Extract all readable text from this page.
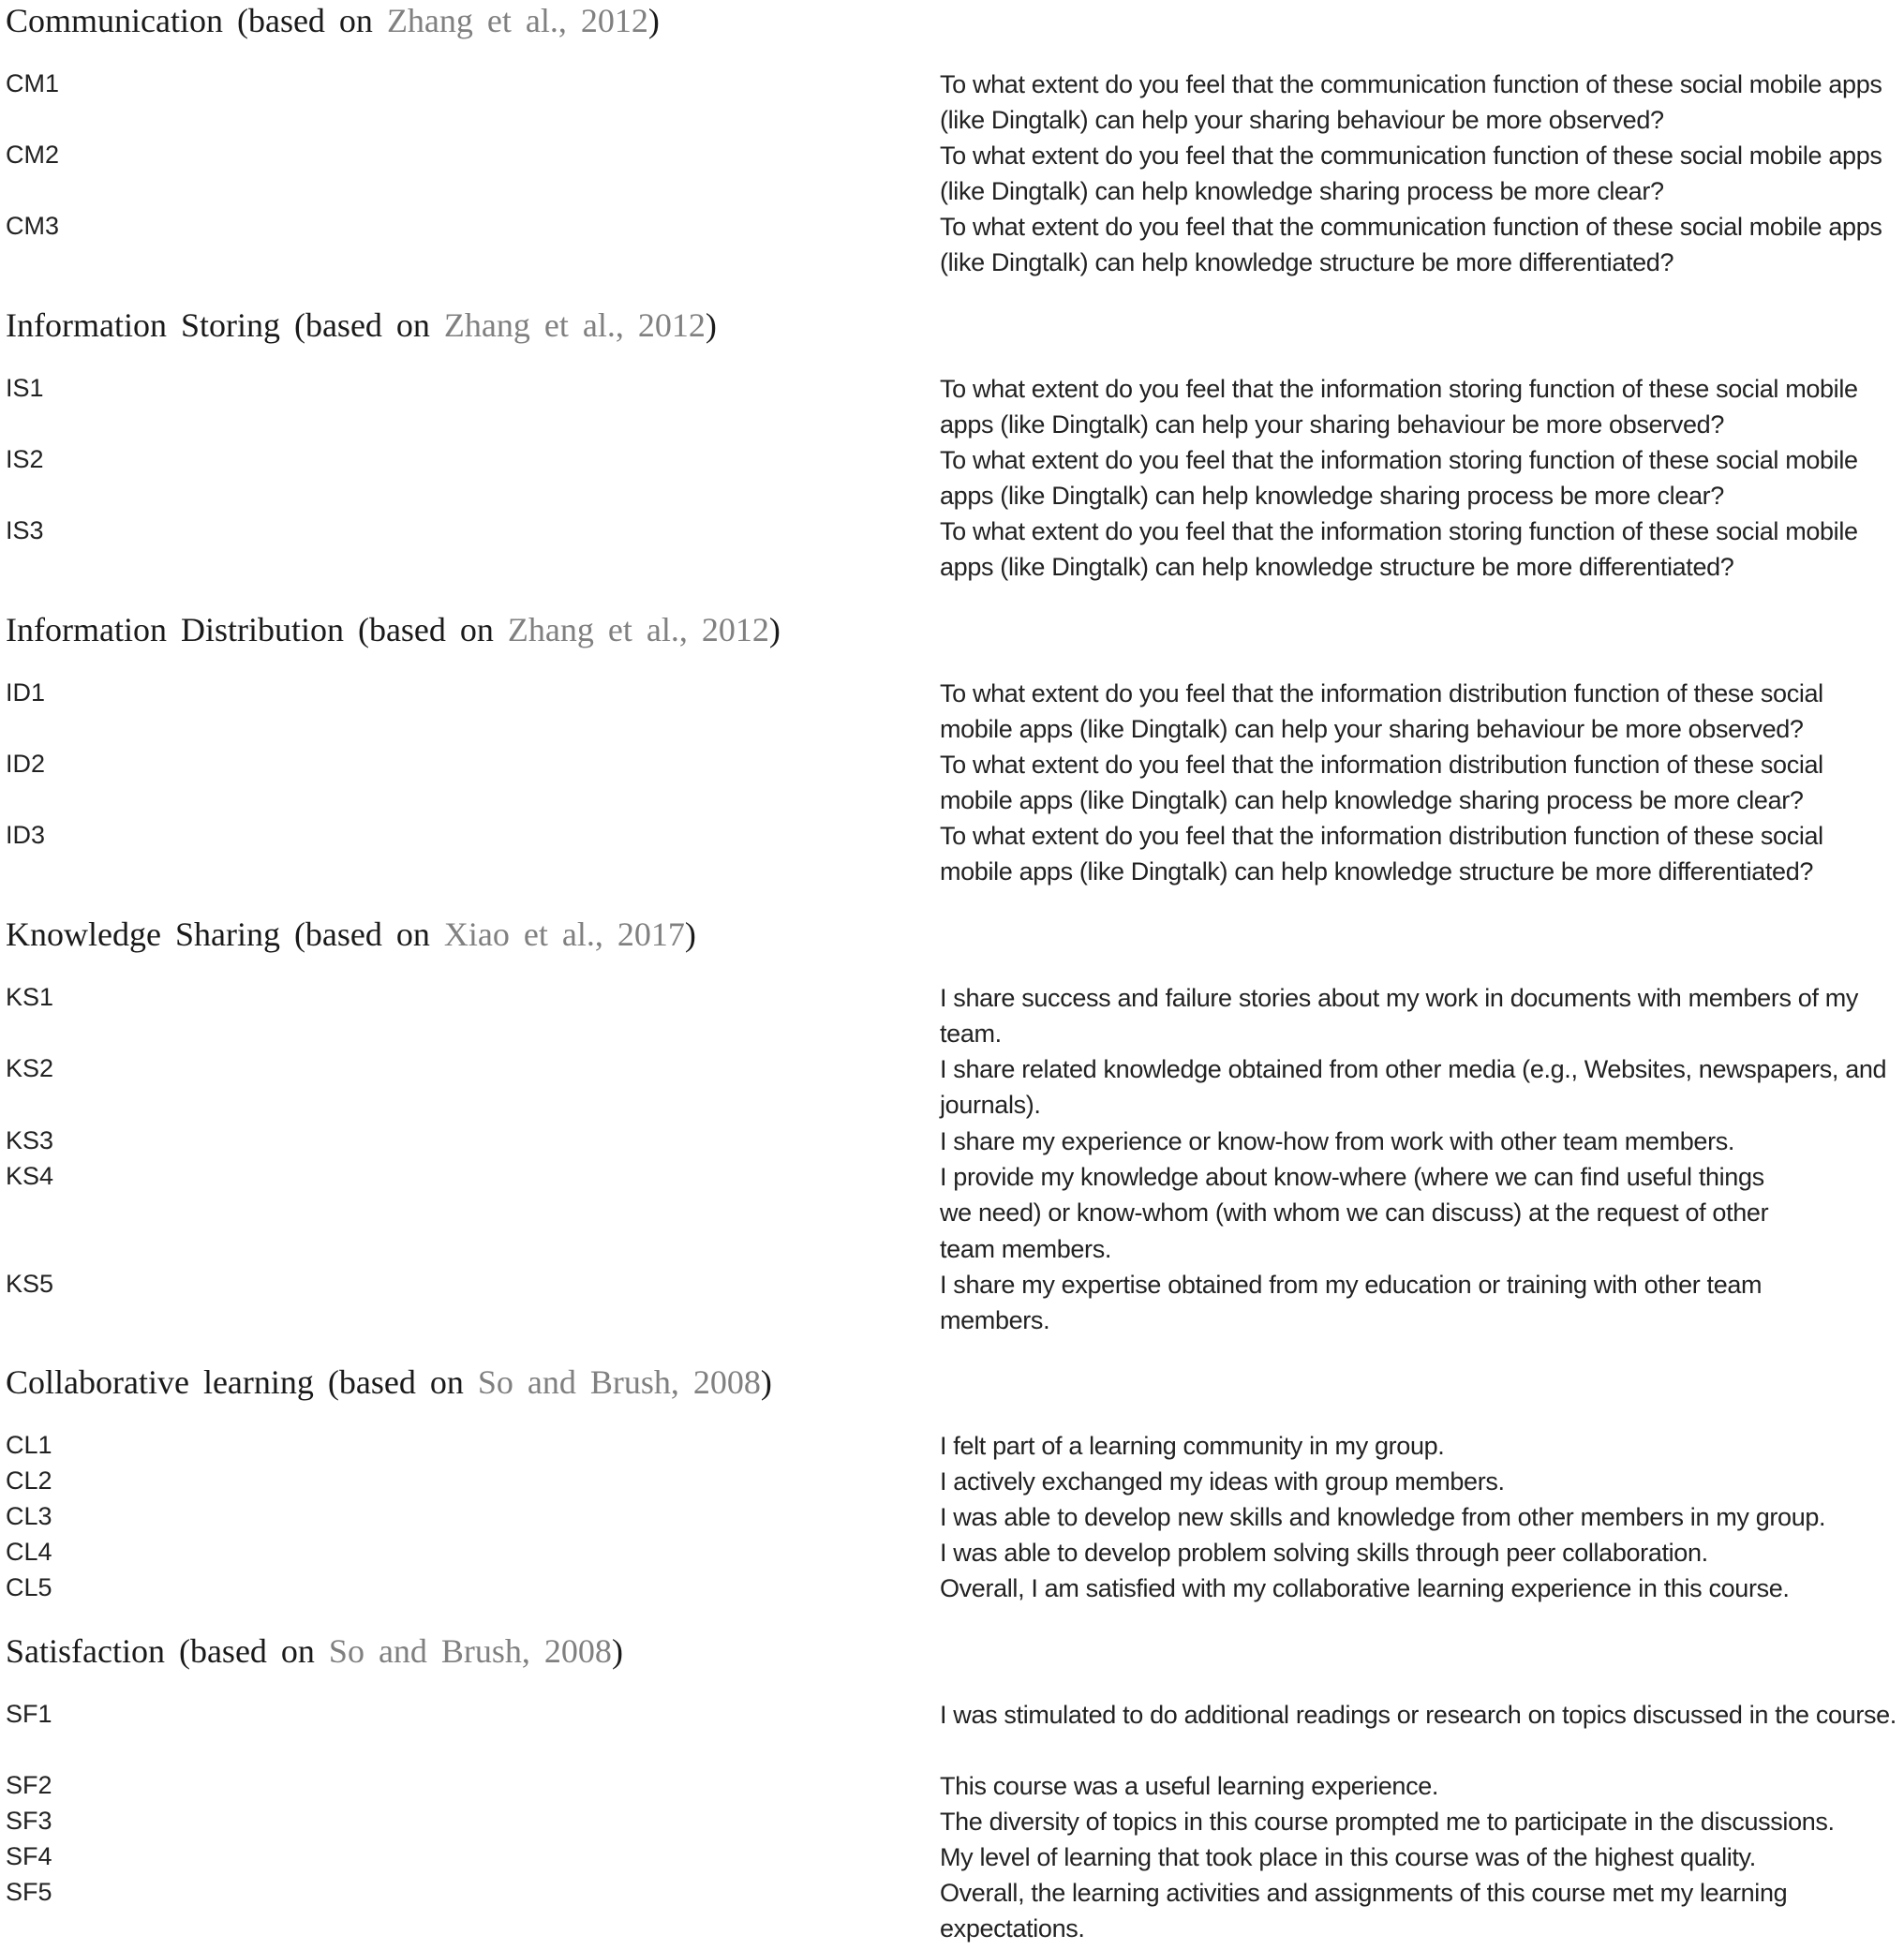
Communication (based on Zhang et al., 2012)
CM1	To what extent do you feel that the communication function of these social mobile apps (like Dingtalk) can help your sharing behaviour be more observed?
CM2	To what extent do you feel that the communication function of these social mobile apps (like Dingtalk) can help knowledge sharing process be more clear?
CM3	To what extent do you feel that the communication function of these social mobile apps (like Dingtalk) can help knowledge structure be more differentiated?
Information Storing (based on Zhang et al., 2012)
IS1	To what extent do you feel that the information storing function of these social mobile apps (like Dingtalk) can help your sharing behaviour be more observed?
IS2	To what extent do you feel that the information storing function of these social mobile apps (like Dingtalk) can help knowledge sharing process be more clear?
IS3	To what extent do you feel that the information storing function of these social mobile apps (like Dingtalk) can help knowledge structure be more differentiated?
Information Distribution (based on Zhang et al., 2012)
ID1	To what extent do you feel that the information distribution function of these social mobile apps (like Dingtalk) can help your sharing behaviour be more observed?
ID2	To what extent do you feel that the information distribution function of these social mobile apps (like Dingtalk) can help knowledge sharing process be more clear?
ID3	To what extent do you feel that the information distribution function of these social mobile apps (like Dingtalk) can help knowledge structure be more differentiated?
Knowledge Sharing (based on Xiao et al., 2017)
KS1	I share success and failure stories about my work in documents with members of my team.
KS2	I share related knowledge obtained from other media (e.g., Websites, newspapers, and journals).
KS3	I share my experience or know-how from work with other team members.
KS4	I provide my knowledge about know-where (where we can find useful things we need) or know-whom (with whom we can discuss) at the request of other team members.
KS5	I share my expertise obtained from my education or training with other team members.
Collaborative learning (based on So and Brush, 2008)
CL1	I felt part of a learning community in my group.
CL2	I actively exchanged my ideas with group members.
CL3	I was able to develop new skills and knowledge from other members in my group.
CL4	I was able to develop problem solving skills through peer collaboration.
CL5	Overall, I am satisfied with my collaborative learning experience in this course.
Satisfaction (based on So and Brush, 2008)
SF1	I was stimulated to do additional readings or research on topics discussed in the course.
SF2	This course was a useful learning experience.
SF3	The diversity of topics in this course prompted me to participate in the discussions.
SF4	My level of learning that took place in this course was of the highest quality.
SF5	Overall, the learning activities and assignments of this course met my learning expectations.
